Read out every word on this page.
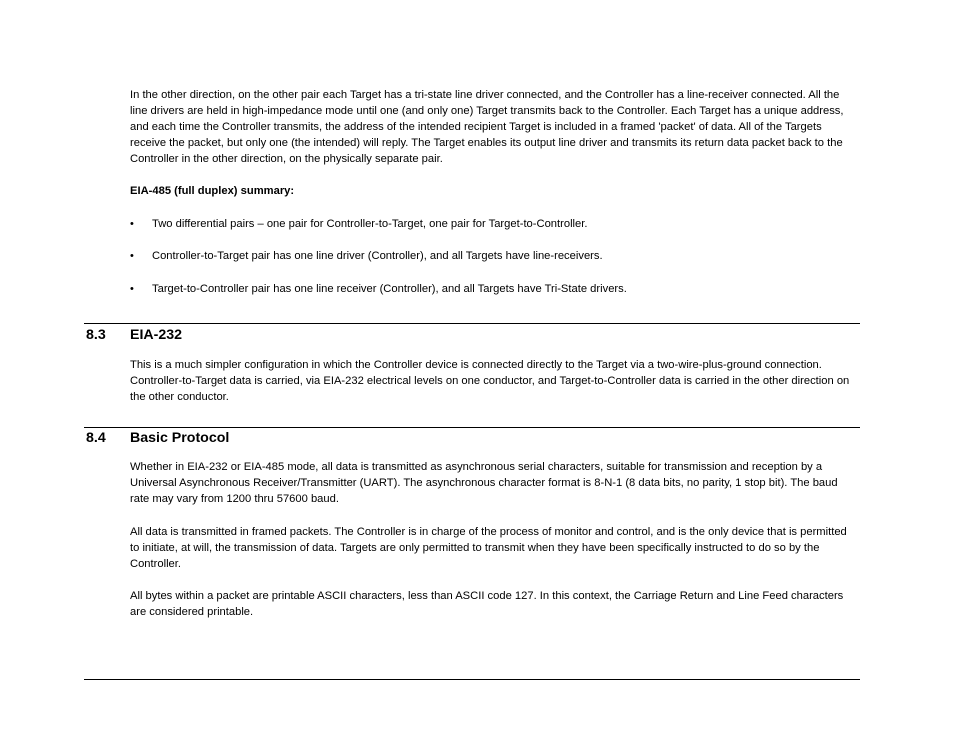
In the other direction, on the other pair each Target has a tri-state line driver connected, and the Controller has a line-receiver connected. All the line drivers are held in high-impedance mode until one (and only one) Target transmits back to the Controller. Each Target has a unique address, and each time the Controller transmits, the address of the intended recipient Target is included in a framed 'packet' of data. All of the Targets receive the packet, but only one (the intended) will reply. The Target enables its output line driver and transmits its return data packet back to the Controller in the other direction, on the physically separate pair.

EIA-485 (full duplex) summary:

• Two differential pairs – one pair for Controller-to-Target, one pair for Target-to-Controller.
• Controller-to-Target pair has one line driver (Controller), and all Targets have line-receivers.
• Target-to-Controller pair has one line receiver (Controller), and all Targets have Tri-State drivers.
8.3 EIA-232

This is a much simpler configuration in which the Controller device is connected directly to the Target via a two-wire-plus-ground connection. Controller-to-Target data is carried, via EIA-232 electrical levels on one conductor, and Target-to-Controller data is carried in the other direction on the other conductor.

8.4 Basic Protocol

Whether in EIA-232 or EIA-485 mode, all data is transmitted as asynchronous serial characters, suitable for transmission and reception by a Universal Asynchronous Receiver/Transmitter (UART). The asynchronous character format is 8-N-1 (8 data bits, no parity, 1 stop bit). The baud rate may vary from 1200 thru 57600 baud.

All data is transmitted in framed packets. The Controller is in charge of the process of monitor and control, and is the only device that is permitted to initiate, at will, the transmission of data. Targets are only permitted to transmit when they have been specifically instructed to do so by the Controller.

All bytes within a packet are printable ASCII characters, less than ASCII code 127. In this context, the Carriage Return and Line Feed characters are considered printable.
